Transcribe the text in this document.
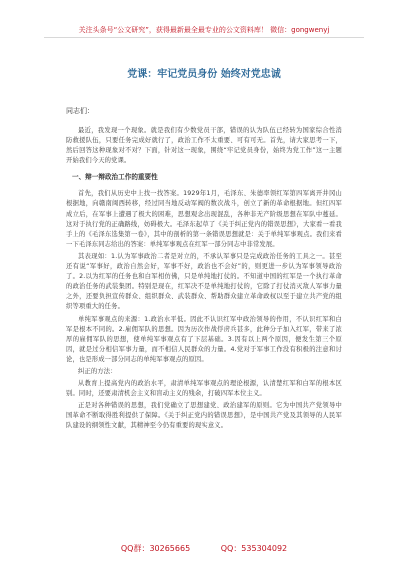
关注头条号“公文研究”，获得最新最全最专业的公文资料库！ 微信：gongwenyj
党课：牢记党员身份 始终对党忠诚
同志们：

最近，我发现一个现象。就是我们有少数党员干部，错误的认为队伍已经转为国家综合性消防救援队伍，只要任务完成好就行了，政治工作不太重要、可有可无。首先，请大家思考一下，然后回答这种现象对不对？下面，针对这一现象，围绕“牢记党员身份，始终为党工作”这一主题开始我们今天的党课。

一、辩一辩政治工作的重要性

首先，我们从历史中上找一找答案。1929年1月，毛泽东、朱德率领红军第四军离开井冈山根据地，向赣南闽西转移，经过同当地反动军阀的数次战斗，创立了新的革命根据地。但红四军成立后，在军事上遭遇了极大的困难，思想观念出现混乱，各种非无产阶级思想在军队中蔓延。这对于执行党的正确路线，妨碍极大。毛泽东起草了《关于纠正党内的错误思想》，大家看一看我手上的《毛泽东选集第一卷》，其中的剖析的第一条错误思想就是：关于单纯军事观点。我们来看一下毛泽东同志给出的答案：单纯军事观点在红军一部分同志中非常发展。

其表现如：1.认为军事政治二者是对立的，不承认军事只是完成政治任务的工具之一。甚至还有说“军事好，政治自然会好，军事不好，政治也不会好”的，则更进一步认为军事领导政治了。2.以为红军的任务也和白军相仿佛，只是单纯地打仗的。不知道中国的红军是一个执行革命的政治任务的武装集团。特别是现在，红军决不是单纯地打仗的，它除了打仗消灭敌人军事力量之外，还要负担宣传群众、组织群众、武装群众、帮助群众建立革命政权以至于建立共产党的组织等项重大的任务。

单纯军事观点的来源：1.政治水平低。因此不认识红军中政治领导的作用，不认识红军和白军是根本不同的。2.雇佣军队的思想。因为历次作战俘虏兵甚多，此种分子加入红军，带来了浓厚的雇佣军队的思想，使单纯军事观点有了下层基础。3.因有以上两个原因，便发生第三个原因，就是过分相信军事力量，而不相信人民群众的力量。4.党对于军事工作没有积极的注意和讨论，也是形成一部分同志的单纯军事观点的原因。

纠正的方法：

从教育上提高党内的政治水平，肃清单纯军事观点的理论根源，认清楚红军和白军的根本区别。同时，还要肃清机会主义和盲动主义的残余，打破四军本位主义。

正是对各种错误的思想，我们党确立了思想建党、政治建军的原则。它为中国共产党领导中国革命不断取得胜利提供了保障。《关于纠正党内的错误思想》，是中国共产党及其领导的人民军队建设的纲领性文献，其精神至今仍有重要的现实意义。

QQ群：30265665	QQ：535304092
